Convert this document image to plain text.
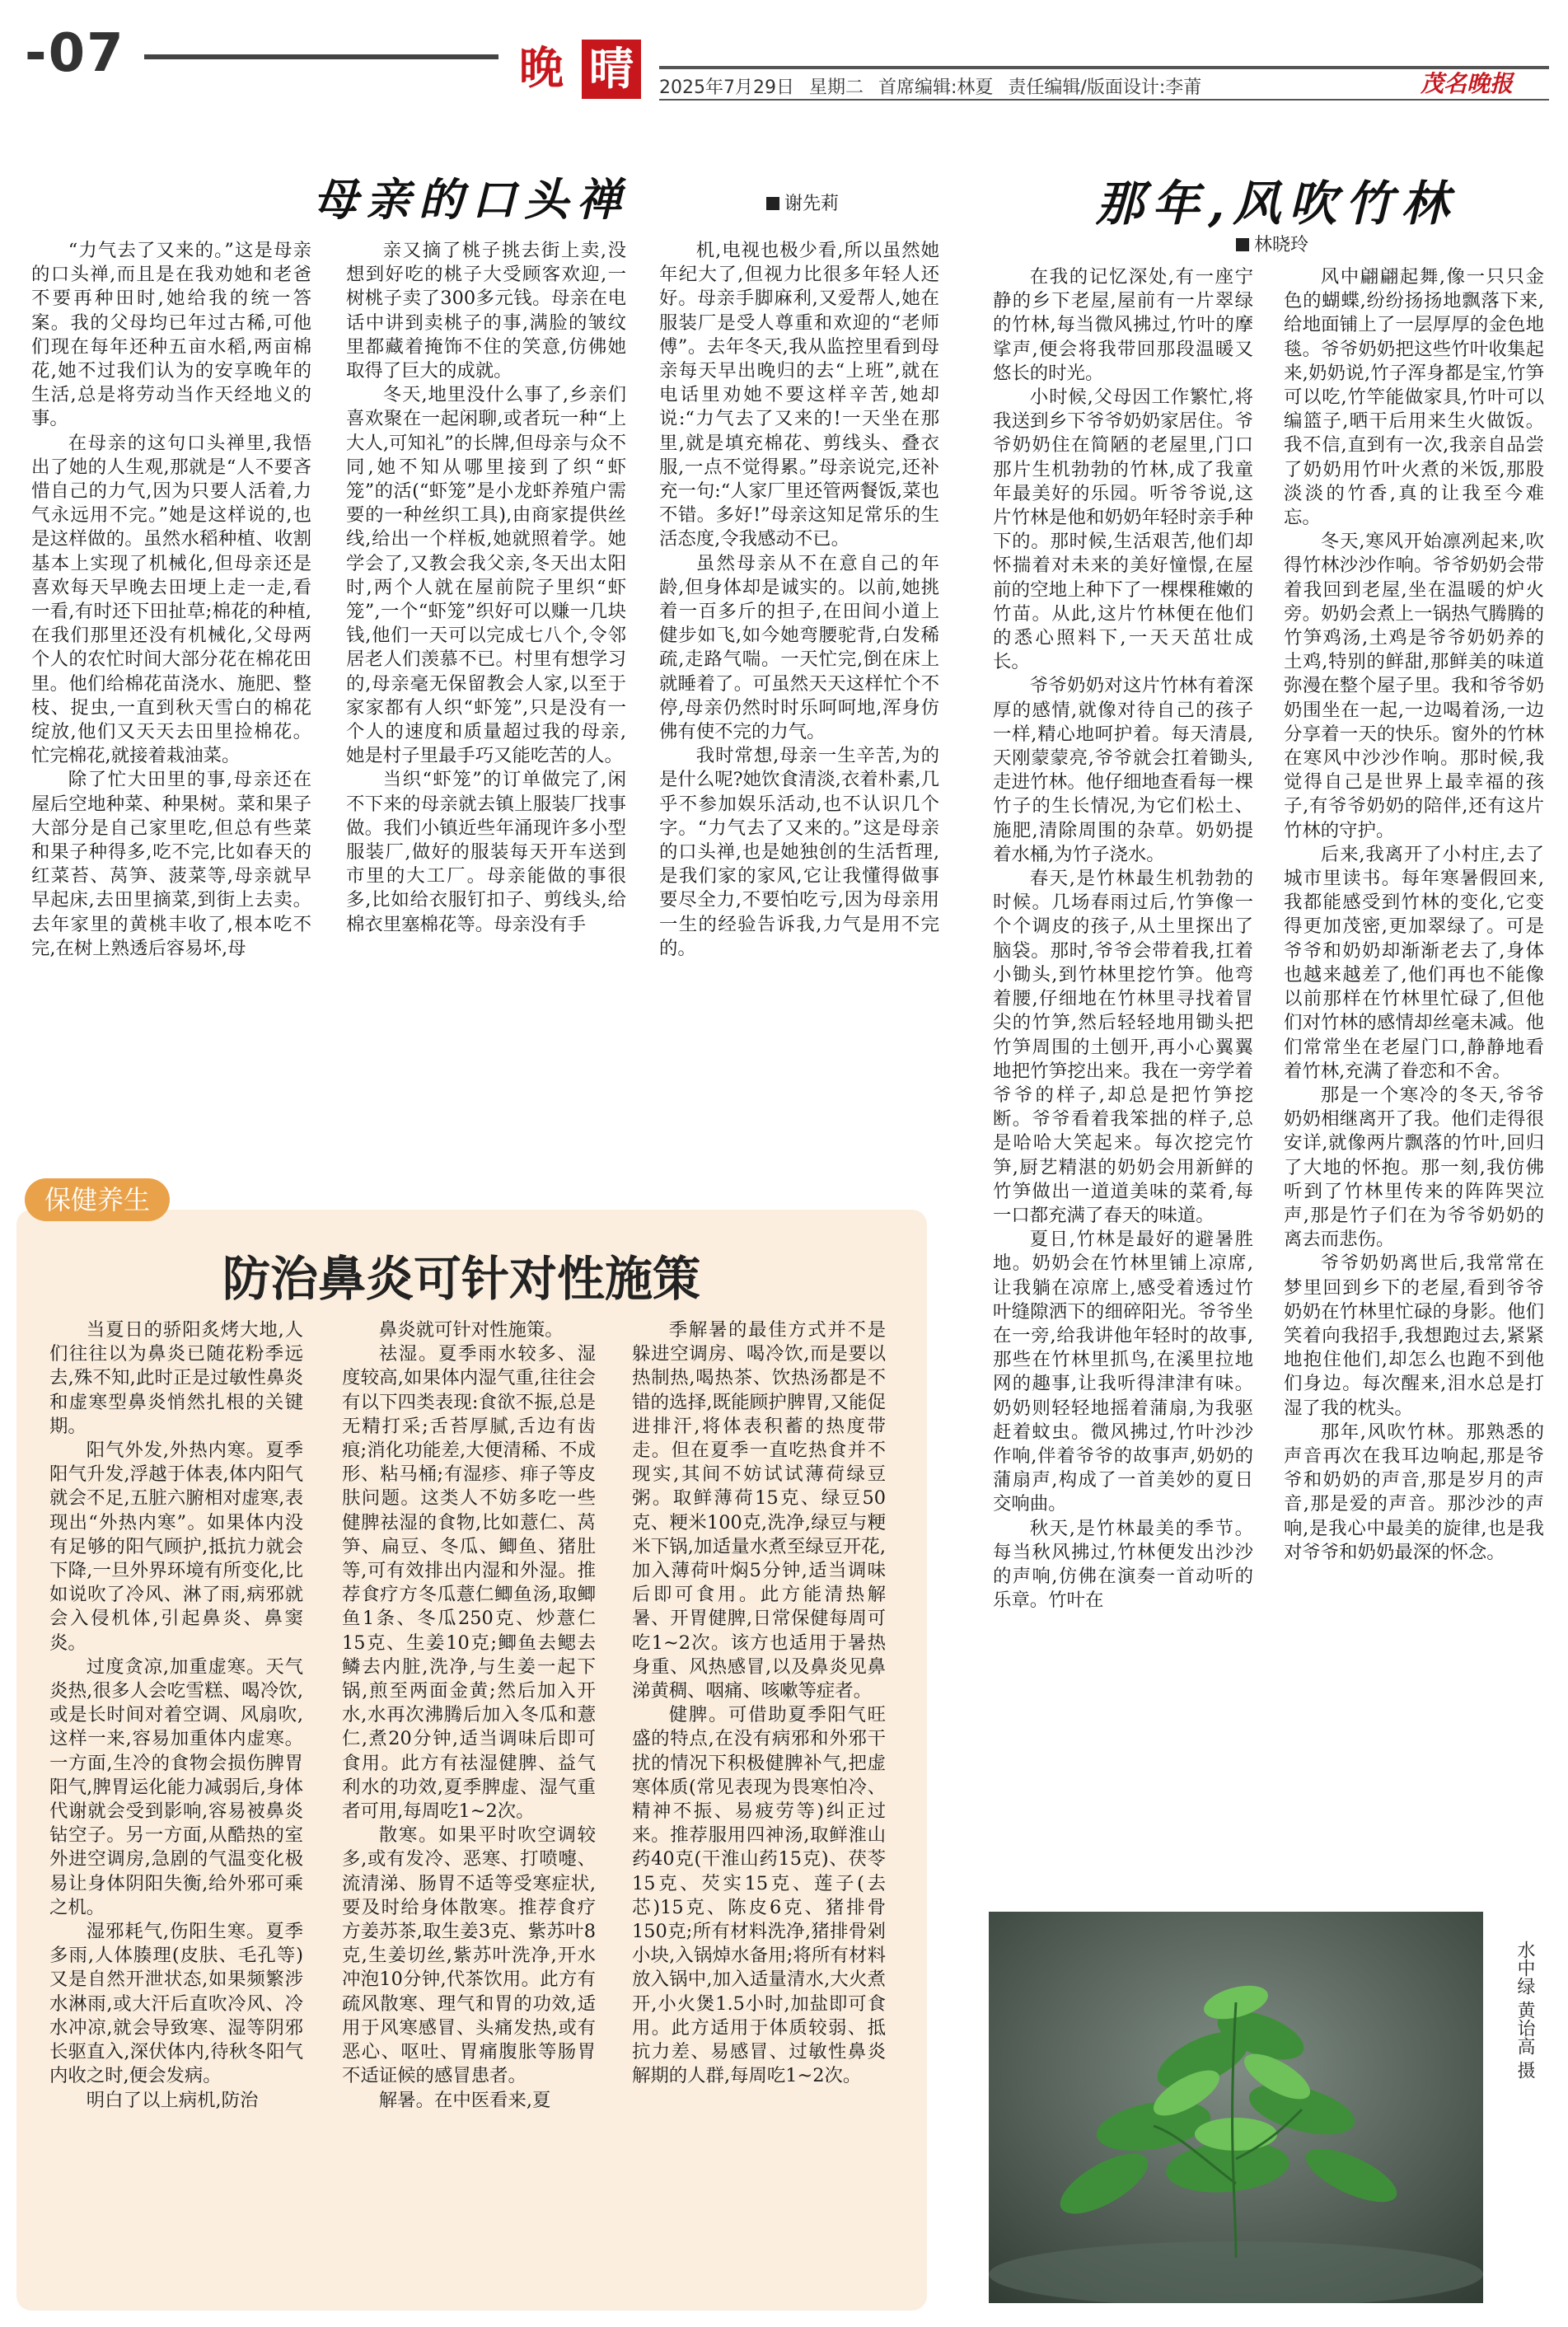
-07	晚 晴	2025年7月29日 星期二 首席编辑:林夏 责任编辑/版面设计:李莆	茂名晚报
母亲的口头禅	谢先莉

“力气去了又来的。”这是母亲的口头禅,而且是在我劝她和老爸不要再种田时,她给我的统一答案。我的父母均已年过古稀,可他们现在每年还种五亩水稻,两亩棉花,她不过我们认为的安享晚年的生活,总是将劳动当作天经地义的事。

在母亲的这句口头禅里,我悟出了她的人生观,那就是“人不要吝惜自己的力气,因为只要人活着,力气永远用不完。”她是这样说的,也是这样做的。虽然水稻种植、收割基本上实现了机械化,但母亲还是喜欢每天早晚去田埂上走一走,看一看,有时还下田扯草;棉花的种植,在我们那里还没有机械化,父母两个人的农忙时间大部分花在棉花田里。他们给棉花苗浇水、施肥、整枝、捉虫,一直到秋天雪白的棉花绽放,他们又天天去田里捡棉花。忙完棉花,就接着栽油菜。

除了忙大田里的事,母亲还在屋后空地种菜、种果树。菜和果子大部分是自己家里吃,但总有些菜和果子种得多,吃不完,比如春天的红菜苔、莴笋、菠菜等,母亲就早早起床,去田里摘菜,到街上去卖。去年家里的黄桃丰收了,根本吃不完,在树上熟透后容易坏,母

亲又摘了桃子挑去街上卖,没想到好吃的桃子大受顾客欢迎,一树桃子卖了300多元钱。母亲在电话中讲到卖桃子的事,满脸的皱纹里都藏着掩饰不住的笑意,仿佛她取得了巨大的成就。

冬天,地里没什么事了,乡亲们喜欢聚在一起闲聊,或者玩一种“上大人,可知礼”的长牌,但母亲与众不同,她不知从哪里接到了织“虾笼”的活(“虾笼”是小龙虾养殖户需要的一种丝织工具),由商家提供丝线,给出一个样板,她就照着学。她学会了,又教会我父亲,冬天出太阳时,两个人就在屋前院子里织“虾笼”,一个“虾笼”织好可以赚一几块钱,他们一天可以完成七八个,令邻居老人们羡慕不已。村里有想学习的,母亲毫无保留教会人家,以至于家家都有人织“虾笼”,只是没有一个人的速度和质量超过我的母亲,她是村子里最手巧又能吃苦的人。

当织“虾笼”的订单做完了,闲不下来的母亲就去镇上服装厂找事做。我们小镇近些年涌现许多小型服装厂,做好的服装每天开车送到市里的大工厂。母亲能做的事很多,比如给衣服钉扣子、剪线头,给棉衣里塞棉花等。母亲没有手

机,电视也极少看,所以虽然她年纪大了,但视力比很多年轻人还好。母亲手脚麻利,又爱帮人,她在服装厂是受人尊重和欢迎的“老师傅”。去年冬天,我从监控里看到母亲每天早出晚归的去“上班”,就在电话里劝她不要这样辛苦,她却说:“力气去了又来的!一天坐在那里,就是填充棉花、剪线头、叠衣服,一点不觉得累。”母亲说完,还补充一句:“人家厂里还管两餐饭,菜也不错。多好!”母亲这知足常乐的生活态度,令我感动不已。

虽然母亲从不在意自己的年龄,但身体却是诚实的。以前,她挑着一百多斤的担子,在田间小道上健步如飞,如今她弯腰驼背,白发稀疏,走路气喘。一天忙完,倒在床上就睡着了。可虽然天天这样忙个不停,母亲仍然时时乐呵呵地,浑身仿佛有使不完的力气。

我时常想,母亲一生辛苦,为的是什么呢?她饮食清淡,衣着朴素,几乎不参加娱乐活动,也不认识几个字。“力气去了又来的。”这是母亲的口头禅,也是她独创的生活哲理,是我们家的家风,它让我懂得做事要尽全力,不要怕吃亏,因为母亲用一生的经验告诉我,力气是用不完的。

那年,风吹竹林
林晓玲

在我的记忆深处,有一座宁静的乡下老屋,屋前有一片翠绿的竹林,每当微风拂过,竹叶的摩挲声,便会将我带回那段温暖又悠长的时光。

小时候,父母因工作繁忙,将我送到乡下爷爷奶奶家居住。爷爷奶奶住在简陋的老屋里,门口那片生机勃勃的竹林,成了我童年最美好的乐园。听爷爷说,这片竹林是他和奶奶年轻时亲手种下的。那时候,生活艰苦,他们却怀揣着对未来的美好憧憬,在屋前的空地上种下了一棵棵稚嫩的竹苗。从此,这片竹林便在他们的悉心照料下,一天天茁壮成长。

爷爷奶奶对这片竹林有着深厚的感情,就像对待自己的孩子一样,精心地呵护着。每天清晨,天刚蒙蒙亮,爷爷就会扛着锄头,走进竹林。他仔细地查看每一棵竹子的生长情况,为它们松土、施肥,清除周围的杂草。奶奶提着水桶,为竹子浇水。

春天,是竹林最生机勃勃的时候。几场春雨过后,竹笋像一个个调皮的孩子,从土里探出了脑袋。那时,爷爷会带着我,扛着小锄头,到竹林里挖竹笋。他弯着腰,仔细地在竹林里寻找着冒尖的竹笋,然后轻轻地用锄头把竹笋周围的土刨开,再小心翼翼地把竹笋挖出来。我在一旁学着爷爷的样子,却总是把竹笋挖断。爷爷看着我笨拙的样子,总是哈哈大笑起来。每次挖完竹笋,厨艺精湛的奶奶会用新鲜的竹笋做出一道道美味的菜肴,每一口都充满了春天的味道。

夏日,竹林是最好的避暑胜地。奶奶会在竹林里铺上凉席,让我躺在凉席上,感受着透过竹叶缝隙洒下的细碎阳光。爷爷坐在一旁,给我讲他年轻时的故事,那些在竹林里抓鸟,在溪里拉地网的趣事,让我听得津津有味。奶奶则轻轻地摇着蒲扇,为我驱赶着蚊虫。微风拂过,竹叶沙沙作响,伴着爷爷的故事声,奶奶的蒲扇声,构成了一首美妙的夏日交响曲。

秋天,是竹林最美的季节。每当秋风拂过,竹林便发出沙沙的声响,仿佛在演奏一首动听的乐章。竹叶在

风中翩翩起舞,像一只只金色的蝴蝶,纷纷扬扬地飘落下来,给地面铺上了一层厚厚的金色地毯。爷爷奶奶把这些竹叶收集起来,奶奶说,竹子浑身都是宝,竹笋可以吃,竹竿能做家具,竹叶可以编篮子,晒干后用来生火做饭。我不信,直到有一次,我亲自品尝了奶奶用竹叶火煮的米饭,那股淡淡的竹香,真的让我至今难忘。

冬天,寒风开始凛冽起来,吹得竹林沙沙作响。爷爷奶奶会带着我回到老屋,坐在温暖的炉火旁。奶奶会煮上一锅热气腾腾的竹笋鸡汤,土鸡是爷爷奶奶养的土鸡,特别的鲜甜,那鲜美的味道弥漫在整个屋子里。我和爷爷奶奶围坐在一起,一边喝着汤,一边分享着一天的快乐。窗外的竹林在寒风中沙沙作响。那时候,我觉得自己是世界上最幸福的孩子,有爷爷奶奶的陪伴,还有这片竹林的守护。

后来,我离开了小村庄,去了城市里读书。每年寒暑假回来,我都能感受到竹林的变化,它变得更加茂密,更加翠绿了。可是爷爷和奶奶却渐渐老去了,身体也越来越差了,他们再也不能像以前那样在竹林里忙碌了,但他们对竹林的感情却丝毫未减。他们常常坐在老屋门口,静静地看着竹林,充满了眷恋和不舍。

那是一个寒冷的冬天,爷爷奶奶相继离开了我。他们走得很安详,就像两片飘落的竹叶,回归了大地的怀抱。那一刻,我仿佛听到了竹林里传来的阵阵哭泣声,那是竹子们在为爷爷奶奶的离去而悲伤。

爷爷奶奶离世后,我常常在梦里回到乡下的老屋,看到爷爷奶奶在竹林里忙碌的身影。他们笑着向我招手,我想跑过去,紧紧地抱住他们,却怎么也跑不到他们身边。每次醒来,泪水总是打湿了我的枕头。

那年,风吹竹林。那熟悉的声音再次在我耳边响起,那是爷爷和奶奶的声音,那是岁月的声音,那是爱的声音。那沙沙的声响,是我心中最美的旋律,也是我对爷爷和奶奶最深的怀念。

保健养生
防治鼻炎可针对性施策

当夏日的骄阳炙烤大地,人们往往以为鼻炎已随花粉季远去,殊不知,此时正是过敏性鼻炎和虚寒型鼻炎悄然扎根的关键期。

阳气外发,外热内寒。夏季阳气升发,浮越于体表,体内阳气就会不足,五脏六腑相对虚寒,表现出“外热内寒”。如果体内没有足够的阳气顾护,抵抗力就会下降,一旦外界环境有所变化,比如说吹了冷风、淋了雨,病邪就会入侵机体,引起鼻炎、鼻窦炎。

过度贪凉,加重虚寒。天气炎热,很多人会吃雪糕、喝冷饮,或是长时间对着空调、风扇吹,这样一来,容易加重体内虚寒。一方面,生冷的食物会损伤脾胃阳气,脾胃运化能力减弱后,身体代谢就会受到影响,容易被鼻炎钻空子。另一方面,从酷热的室外进空调房,急剧的气温变化极易让身体阴阳失衡,给外邪可乘之机。

湿邪耗气,伤阳生寒。夏季多雨,人体腠理(皮肤、毛孔等)又是自然开泄状态,如果频繁涉水淋雨,或大汗后直吹冷风、冷水冲凉,就会导致寒、湿等阴邪长驱直入,深伏体内,待秋冬阳气内收之时,便会发病。

明白了以上病机,防治

鼻炎就可针对性施策。

祛湿。夏季雨水较多、湿度较高,如果体内湿气重,往往会有以下四类表现:食欲不振,总是无精打采;舌苔厚腻,舌边有齿痕;消化功能差,大便清稀、不成形、粘马桶;有湿疹、痱子等皮肤问题。这类人不妨多吃一些健脾祛湿的食物,比如薏仁、莴笋、扁豆、冬瓜、鲫鱼、猪肚等,可有效排出内湿和外湿。推荐食疗方冬瓜薏仁鲫鱼汤,取鲫鱼1条、冬瓜250克、炒薏仁15克、生姜10克;鲫鱼去鳃去鳞去内脏,洗净,与生姜一起下锅,煎至两面金黄;然后加入开水,水再次沸腾后加入冬瓜和薏仁,煮20分钟,适当调味后即可食用。此方有祛湿健脾、益气利水的功效,夏季脾虚、湿气重者可用,每周吃1~2次。

散寒。如果平时吹空调较多,或有发冷、恶寒、打喷嚏、流清涕、肠胃不适等受寒症状,要及时给身体散寒。推荐食疗方姜苏茶,取生姜3克、紫苏叶8克,生姜切丝,紫苏叶洗净,开水冲泡10分钟,代茶饮用。此方有疏风散寒、理气和胃的功效,适用于风寒感冒、头痛发热,或有恶心、呕吐、胃痛腹胀等肠胃不适证候的感冒患者。

解暑。在中医看来,夏

季解暑的最佳方式并不是躲进空调房、喝冷饮,而是要以热制热,喝热茶、饮热汤都是不错的选择,既能顾护脾胃,又能促进排汗,将体表积蓄的热度带走。但在夏季一直吃热食并不现实,其间不妨试试薄荷绿豆粥。取鲜薄荷15克、绿豆50克、粳米100克,洗净,绿豆与粳米下锅,加适量水煮至绿豆开花,加入薄荷叶焖5分钟,适当调味后即可食用。此方能清热解暑、开胃健脾,日常保健每周可吃1~2次。该方也适用于暑热身重、风热感冒,以及鼻炎见鼻涕黄稠、咽痛、咳嗽等症者。

健脾。可借助夏季阳气旺盛的特点,在没有病邪和外邪干扰的情况下积极健脾补气,把虚寒体质(常见表现为畏寒怕冷、精神不振、易疲劳等)纠正过来。推荐服用四神汤,取鲜淮山药40克(干淮山药15克)、茯苓15克、芡实15克、莲子(去芯)15克、陈皮6克、猪排骨150克;所有材料洗净,猪排骨剁小块,入锅焯水备用;将所有材料放入锅中,加入适量清水,大火煮开,小火煲1.5小时,加盐即可食用。此方适用于体质较弱、抵抗力差、易感冒、过敏性鼻炎解期的人群,每周吃1~2次。	水中绿 黄诒高 摄
